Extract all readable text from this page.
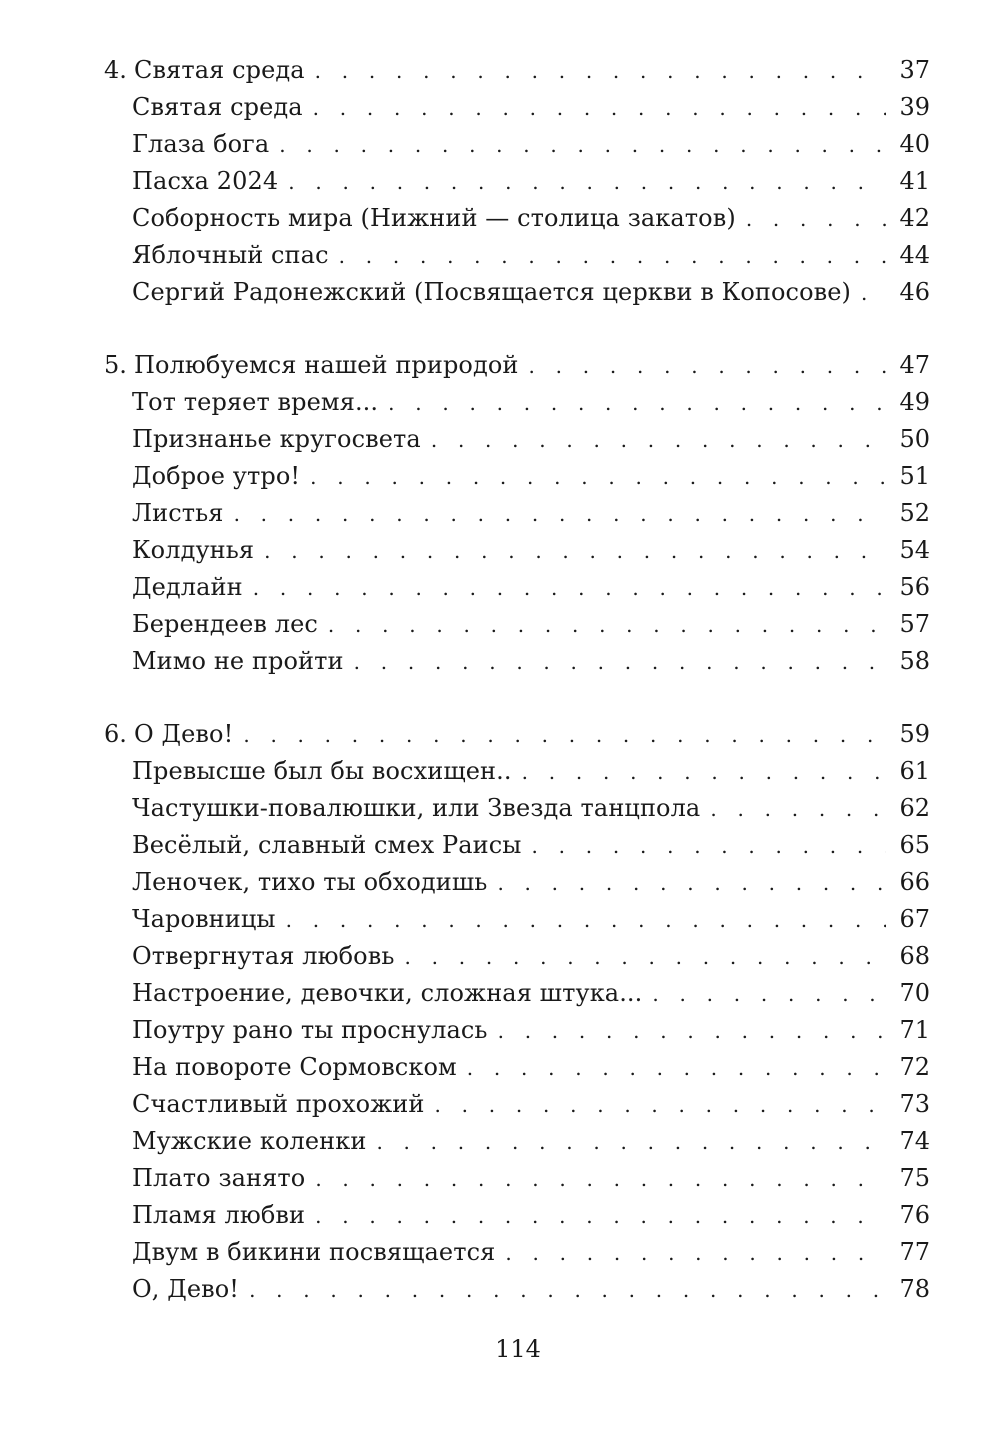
4. Святая среда . . .	37
Святая среда . . .	39
Глаза бога . . .	40
Пасха 2024 . . .	41
Соборность мира (Нижний — столица закатов) . . .	42
Яблочный спас . . .	44
Сергий Радонежский (Посвящается церкви в Копосове) . . . 46
5. Полюбуемся нашей природой . . .	47
Тот теряет время... . . .	49
Признанье кругосвета . . .	50
Доброе утро! . . .	51
Листья . . .	52
Колдунья . . .	54
Дедлайн . . .	56
Берендеев лес . . .	57
Мимо не пройти . . .	58
6. О Дево! . . .	59
Превысше был бы восхищен.. . . .	61
Частушки-повалюшки, или Звезда танцпола . . .	62
Весёлый, славный смех Раисы . . .	65
Леночек, тихо ты обходишь . . .	66
Чаровницы . . .	67
Отвергнутая любовь . . .	68
Настроение, девочки, сложная штука... . . .	70
Поутру рано ты проснулась . . .	71
На повороте Сормовском . . .	72
Счастливый прохожий . . .	73
Мужские коленки . . .	74
Плато занято . . .	75
Пламя любви . . .	76
Двум в бикини посвящается . . .	77
О, Дево! . . .	78
114
